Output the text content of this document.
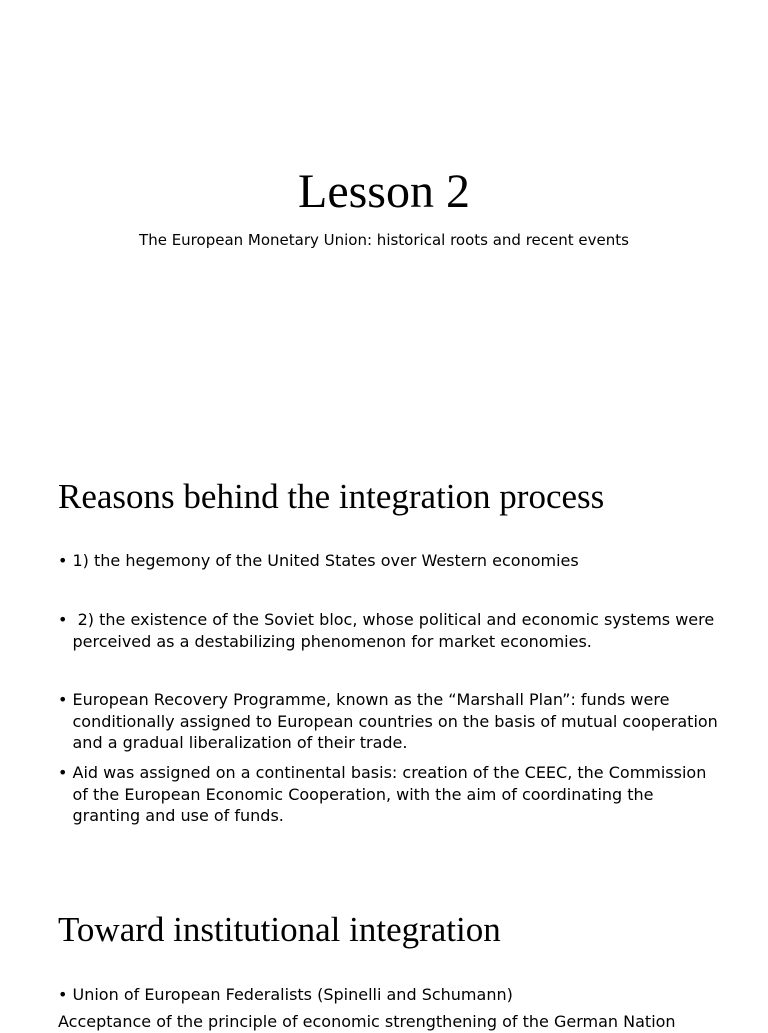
Lesson 2

The European Monetary Union: historical roots and recent events

Reasons behind the integration process
• 1) the hegemony of the United States over Western economies
• 2) the existence of the Soviet bloc, whose political and economic systems were perceived as a destabilizing phenomenon for market economies.
• European Recovery Programme, known as the “Marshall Plan”: funds were conditionally assigned to European countries on the basis of mutual cooperation and a gradual liberalization of their trade.
• Aid was assigned on a continental basis: creation of the CEEC, the Commission of the European Economic Cooperation, with the aim of coordinating the granting and use of funds.
Toward institutional integration
• Union of European Federalists (Spinelli and Schumann)
Acceptance of the principle of economic strengthening of the German Nation
